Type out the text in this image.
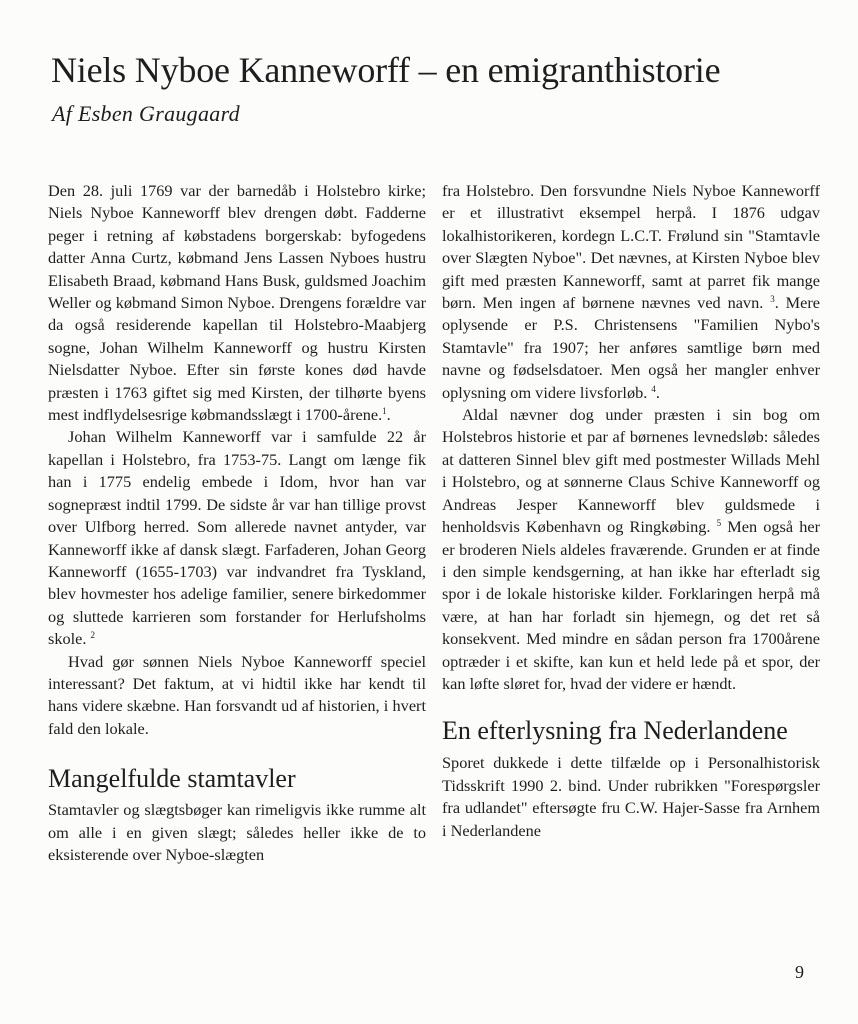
Niels Nyboe Kanneworff – en emigranthistorie

Af Esben Graugaard

Den 28. juli 1769 var der barnedåb i Holstebro kirke; Niels Nyboe Kanneworff blev drengen døbt. Fadderne peger i retning af købstadens borgerskab: byfogedens datter Anna Curtz, købmand Jens Lassen Nyboes hustru Elisabeth Braad, købmand Hans Busk, guldsmed Joachim Weller og købmand Simon Nyboe. Drengens forældre var da også residerende kapellan til Holstebro-Maabjerg sogne, Johan Wilhelm Kanneworff og hustru Kirsten Nielsdatter Nyboe. Efter sin første kones død havde præsten i 1763 giftet sig med Kirsten, der tilhørte byens mest indflydelsesrige købmandsslægt i 1700-årene.$^1$.

Johan Wilhelm Kanneworff var i samfulde 22 år kapellan i Holstebro, fra 1753-75. Langt om længe fik han i 1775 endelig embede i Idom, hvor han var sognepræst indtil 1799. De sidste år var han tillige provst over Ulfborg herred. Som allerede navnet antyder, var Kanneworff ikke af dansk slægt. Farfaderen, Johan Georg Kanneworff (1655-1703) var indvandret fra Tyskland, blev hovmester hos adelige familier, senere birkedommer og sluttede karrieren som forstander for Herlufsholms skole. $^2$

Hvad gør sønnen Niels Nyboe Kanneworff speciel interessant? Det faktum, at vi hidtil ikke har kendt til hans videre skæbne. Han forsvandt ud af historien, i hvert fald den lokale.

Mangelfulde stamtavler

Stamtavler og slægtsbøger kan rimeligvis ikke rumme alt om alle i en given slægt; således heller ikke de to eksisterende over Nyboe-slægten

fra Holstebro. Den forsvundne Niels Nyboe Kanneworff er et illustrativt eksempel herpå. I 1876 udgav lokalhistorikeren, kordegn L.C.T. Frølund sin "Stamtavle over Slægten Nyboe". Det nævnes, at Kirsten Nyboe blev gift med præsten Kanneworff, samt at parret fik mange børn. Men ingen af børnene nævnes ved navn. $^3$. Mere oplysende er P.S. Christensens "Familien Nybo's Stamtavle" fra 1907; her anføres samtlige børn med navne og fødselsdatoer. Men også her mangler enhver oplysning om videre livsforløb. $^4$.

Aldal nævner dog under præsten i sin bog om Holstebros historie et par af børnenes levnedsløb: således at datteren Sinnel blev gift med postmester Willads Mehl i Holstebro, og at sønnerne Claus Schive Kanneworff og Andreas Jesper Kanneworff blev guldsmede i henholdsvis København og Ringkøbing. $^5$ Men også her er broderen Niels aldeles fraværende. Grunden er at finde i den simple kendsgerning, at han ikke har efterladt sig spor i de lokale historiske kilder. Forklaringen herpå må være, at han har forladt sin hjemegn, og det ret så konsekvent. Med mindre en sådan person fra 1700årene optræder i et skifte, kan kun et held lede på et spor, der kan løfte sløret for, hvad der videre er hændt.

En efterlysning fra Nederlandene

Sporet dukkede i dette tilfælde op i Personalhistorisk Tidsskrift 1990 2. bind. Under rubrikken "Forespørgsler fra udlandet" eftersøgte fru C.W. Hajer-Sasse fra Arnhem i Nederlandene

9
